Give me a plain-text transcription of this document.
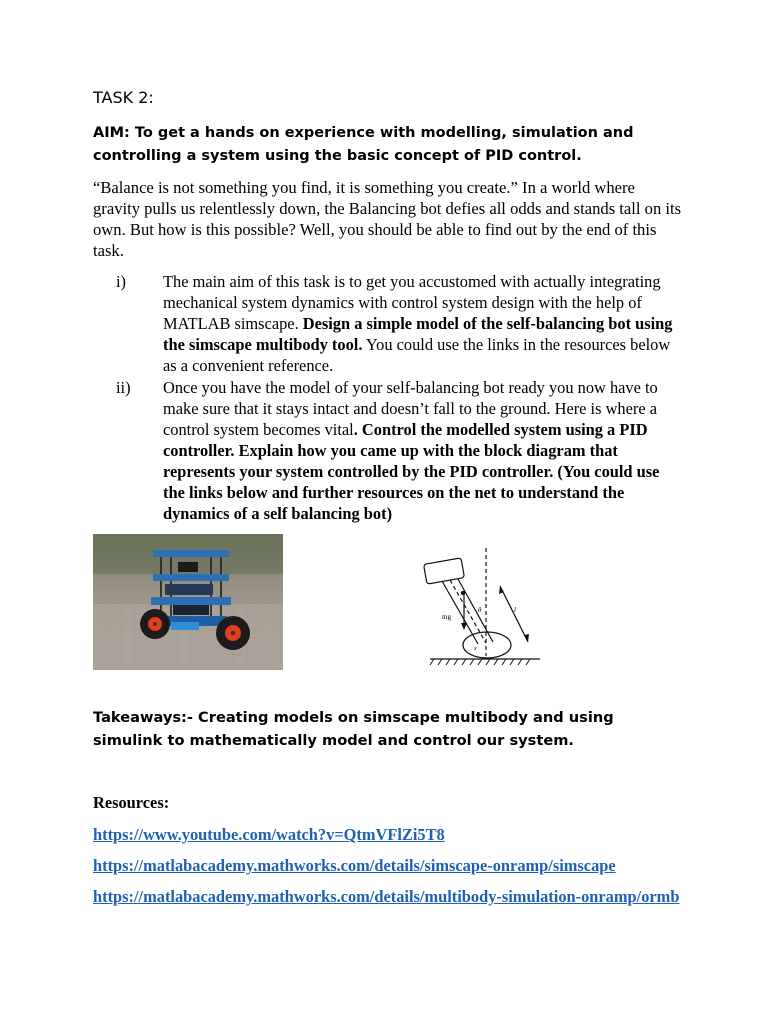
TASK 2:
AIM: To get a hands on experience with modelling, simulation and controlling a system using the basic concept of PID control.
“Balance is not something you find, it is something you create.” In a world where gravity pulls us relentlessly down, the Balancing bot defies all odds and stands tall on its own. But how is this possible? Well, you should be able to find out by the end of this task.
i) The main aim of this task is to get you accustomed with actually integrating mechanical system dynamics with control system design with the help of MATLAB simscape. Design a simple model of the self-balancing bot using the simscape multibody tool. You could use the links in the resources below as a convenient reference.
ii) Once you have the model of your self-balancing bot ready you now have to make sure that it stays intact and doesn’t fall to the ground. Here is where a control system becomes vital. Control the modelled system using a PID controller. Explain how you came up with the block diagram that represents your system controlled by the PID controller. (You could use the links below and further resources on the net to understand the dynamics of a self balancing bot)
mg
θ	l
x
Takeaways:- Creating models on simscape multibody and using simulink to mathematically model and control our system.
Resources:
https://www.youtube.com/watch?v=QtmVFlZi5T8
https://matlabacademy.mathworks.com/details/simscape-onramp/simscape
https://matlabacademy.mathworks.com/details/multibody-simulation-onramp/ormb
